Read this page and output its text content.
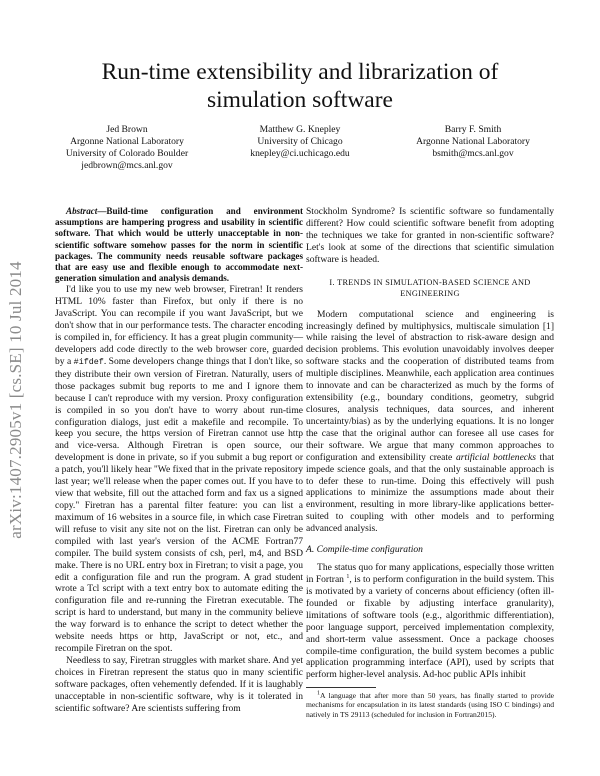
arXiv:1407.2905v1 [cs.SE] 10 Jul 2014
Run-time extensibility and librarization of
simulation software
Jed Brown
Argonne National Laboratory
University of Colorado Boulder
jedbrown@mcs.anl.gov
Matthew G. Knepley
University of Chicago
knepley@ci.uchicago.edu
Barry F. Smith
Argonne National Laboratory
bsmith@mcs.anl.gov

Abstract—Build-time configuration and environment assumptions are hampering progress and usability in scientific software. That which would be utterly unacceptable in non-scientific software somehow passes for the norm in scientific packages. The community needs reusable software packages that are easy use and flexible enough to accommodate next-generation simulation and analysis demands.

I'd like you to use my new web browser, Firetran! It renders HTML 10% faster than Firefox, but only if there is no JavaScript. You can recompile if you want JavaScript, but we don't show that in our performance tests. The character encoding is compiled in, for efficiency. It has a great plugin community—developers add code directly to the web browser core, guarded by a #ifdef. Some developers change things that I don't like, so they distribute their own version of Firetran. Naturally, users of those packages submit bug reports to me and I ignore them because I can't reproduce with my version. Proxy configuration is compiled in so you don't have to worry about run-time configuration dialogs, just edit a makefile and recompile. To keep you secure, the https version of Firetran cannot use http and vice-versa. Although Firetran is open source, our development is done in private, so if you submit a bug report or a patch, you'll likely hear "We fixed that in the private repository last year; we'll release when the paper comes out. If you have to view that website, fill out the attached form and fax us a signed copy." Firetran has a parental filter feature: you can list a maximum of 16 websites in a source file, in which case Firetran will refuse to visit any site not on the list. Firetran can only be compiled with last year's version of the ACME Fortran77 compiler. The build system consists of csh, perl, m4, and BSD make. There is no URL entry box in Firetran; to visit a page, you edit a configuration file and run the program. A grad student wrote a Tcl script with a text entry box to automate editing the configuration file and re-running the Firetran executable. The script is hard to understand, but many in the community believe the way forward is to enhance the script to detect whether the website needs https or http, JavaScript or not, etc., and recompile Firetran on the spot.

Needless to say, Firetran struggles with market share. And yet choices in Firetran represent the status quo in many scientific software packages, often vehemently defended. If it is laughably unacceptable in non-scientific software, why is it tolerated in scientific software? Are scientists suffering from

Stockholm Syndrome? Is scientific software so fundamentally different? How could scientific software benefit from adopting the techniques we take for granted in non-scientific software? Let's look at some of the directions that scientific simulation software is headed.

I. TRENDS IN SIMULATION-BASED SCIENCE AND
ENGINEERING

Modern computational science and engineering is increasingly defined by multiphysics, multiscale simulation [1] while raising the level of abstraction to risk-aware design and decision problems. This evolution unavoidably involves deeper software stacks and the cooperation of distributed teams from multiple disciplines. Meanwhile, each application area continues to innovate and can be characterized as much by the forms of extensibility (e.g., boundary conditions, geometry, subgrid closures, analysis techniques, data sources, and inherent uncertainty/bias) as by the underlying equations. It is no longer the case that the original author can foresee all use cases for their software. We argue that many common approaches to configuration and extensibility create artificial bottlenecks that impede science goals, and that the only sustainable approach is to defer these to run-time. Doing this effectively will push applications to minimize the assumptions made about their environment, resulting in more library-like applications better-suited to coupling with other models and to performing advanced analysis.

A. Compile-time configuration

The status quo for many applications, especially those written in Fortran $^1$, is to perform configuration in the build system. This is motivated by a variety of concerns about efficiency (often ill-founded or fixable by adjusting interface granularity), limitations of software tools (e.g., algorithmic differentiation), poor language support, perceived implementation complexity, and short-term value assessment. Once a package chooses compile-time configuration, the build system becomes a public application programming interface (API), used by scripts that perform higher-level analysis. Ad-hoc public APIs inhibit

$^1$A language that after more than 50 years, has finally started to provide mechanisms for encapsulation in its latest standards (using ISO C bindings) and natively in TS 29113 (scheduled for inclusion in Fortran2015).
